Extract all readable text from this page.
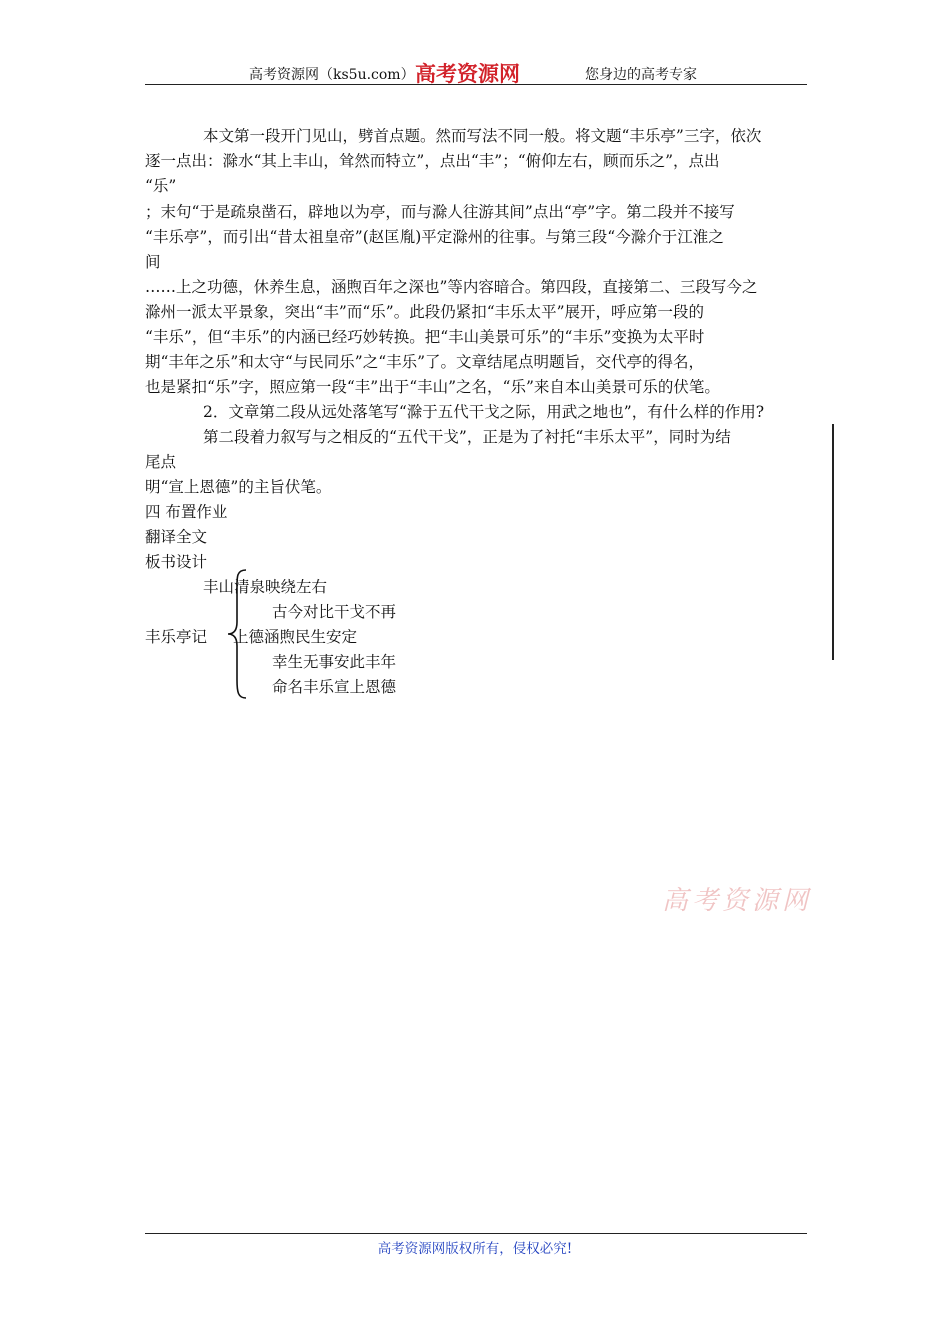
高考资源网（ks5u.com） 高考资源网	您身边的高考专家
本文第一段开门见山，劈首点题。然而写法不同一般。将文题“丰乐亭”三字，依次
逐一点出：滁水“其上丰山，耸然而特立”，点出“丰”；“俯仰左右，顾而乐之”，点出
“乐”
；末句“于是疏泉凿石，辟地以为亭，而与滁人往游其间”点出“亭”字。第二段并不接写
“丰乐亭”，而引出“昔太祖皇帝”(赵匡胤)平定滁州的往事。与第三段“今滁介于江淮之
间
……上之功德，休养生息，涵煦百年之深也”等内容暗合。第四段，直接第二、三段写今之
滁州一派太平景象，突出“丰”而“乐”。此段仍紧扣“丰乐太平”展开，呼应第一段的
“丰乐”，但“丰乐”的内涵已经巧妙转换。把“丰山美景可乐”的“丰乐”变换为太平时
期“丰年之乐”和太守“与民同乐”之“丰乐”了。文章结尾点明题旨，交代亭的得名，
也是紧扣“乐”字，照应第一段“丰”出于“丰山”之名，“乐”来自本山美景可乐的伏笔。
2．文章第二段从远处落笔写“滁于五代干戈之际，用武之地也”，有什么样的作用?
第二段着力叙写与之相反的“五代干戈”，正是为了衬托“丰乐太平”，同时为结
尾点
明“宣上恩德”的主旨伏笔。
四 布置作业
翻译全文
板书设计
丰乐亭记
丰山清泉映绕左右
古今对比干戈不再
上德涵煦民生安定
幸生无事安此丰年
命名丰乐宣上恩德
高考资源网
高考资源网版权所有，侵权必究!
